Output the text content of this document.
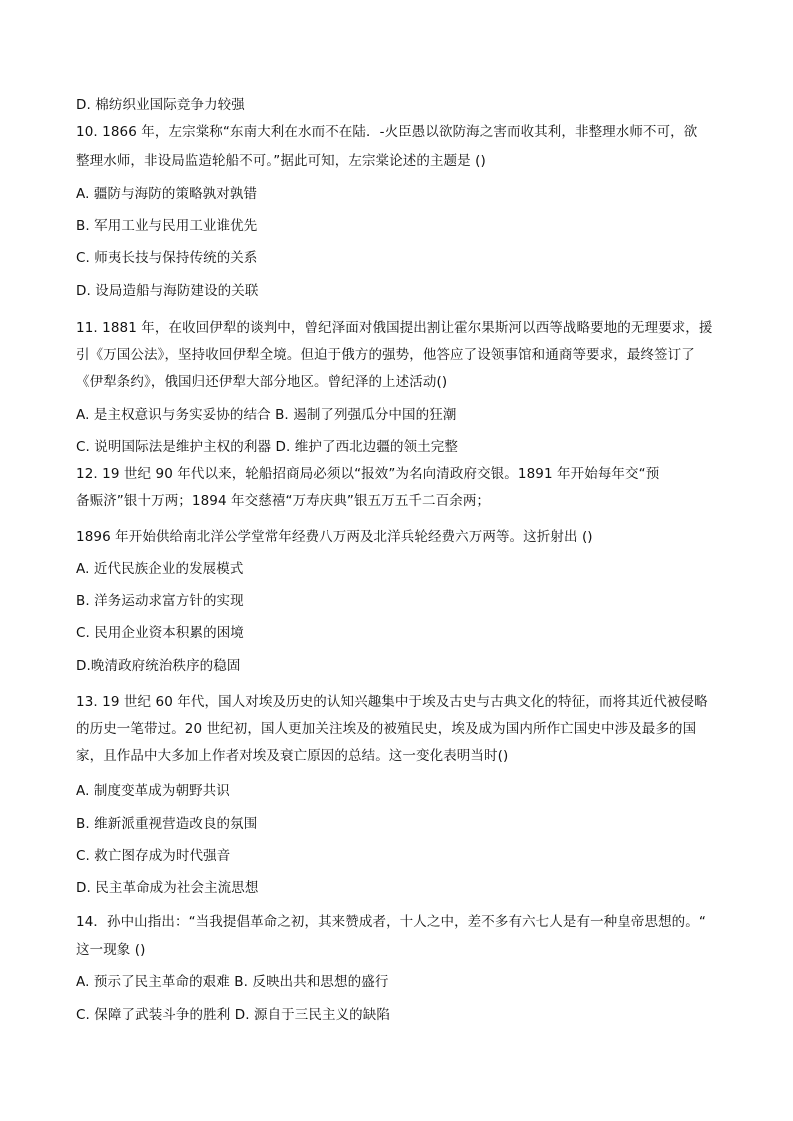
D. 棉纺织业国际竞争力较强
10. 1866 年，左宗棠称“东南大利在水而不在陆．-火臣愚以欲防海之害而收其利，非整理水师不可，欲
整理水师，非设局监造轮船不可。”据此可知，左宗棠论述的主题是 ()
A. 疆防与海防的策略孰对孰错
B. 军用工业与民用工业谁优先
C. 师夷长技与保持传统的关系
D. 设局造船与海防建设的关联
11. 1881 年，在收回伊犁的谈判中，曾纪泽面对俄国提出割让霍尔果斯河以西等战略要地的无理要求，援
引《万国公法》，坚持收回伊犁全境。但迫于俄方的强势，他答应了设领事馆和通商等要求，最终签订了
《伊犁条约》，俄国归还伊犁大部分地区。曾纪泽的上述活动()
A. 是主权意识与务实妥协的结合 B. 遏制了列强瓜分中国的狂潮
C. 说明国际法是维护主权的利器 D. 维护了西北边疆的领土完整
12. 19 世纪 90 年代以来，轮船招商局必须以“报效”为名向清政府交银。1891 年开始每年交“预
备赈济”银十万两；1894 年交慈禧“万寿庆典”银五万五千二百余两；
1896 年开始供给南北洋公学堂常年经费八万两及北洋兵轮经费六万两等。这折射出 ()
A. 近代民族企业的发展模式
B. 洋务运动求富方针的实现
C. 民用企业资本积累的困境
D.晚清政府统治秩序的稳固
13. 19 世纪 60 年代，国人对埃及历史的认知兴趣集中于埃及古史与古典文化的特征，而将其近代被侵略
的历史一笔带过。20 世纪初，国人更加关注埃及的被殖民史，埃及成为国内所作亡国史中涉及最多的国
家，且作品中大多加上作者对埃及衰亡原因的总结。这一变化表明当时()
A. 制度变革成为朝野共识
B. 维新派重视营造改良的氛围
C. 救亡图存成为时代强音
D. 民主革命成为社会主流思想
14．孙中山指出：“当我提倡革命之初，其来赞成者，十人之中，差不多有六七人是有一种皇帝思想的。“
这一现象 ()
A. 预示了民主革命的艰难 B. 反映出共和思想的盛行
C. 保障了武装斗争的胜利 D. 源自于三民主义的缺陷
